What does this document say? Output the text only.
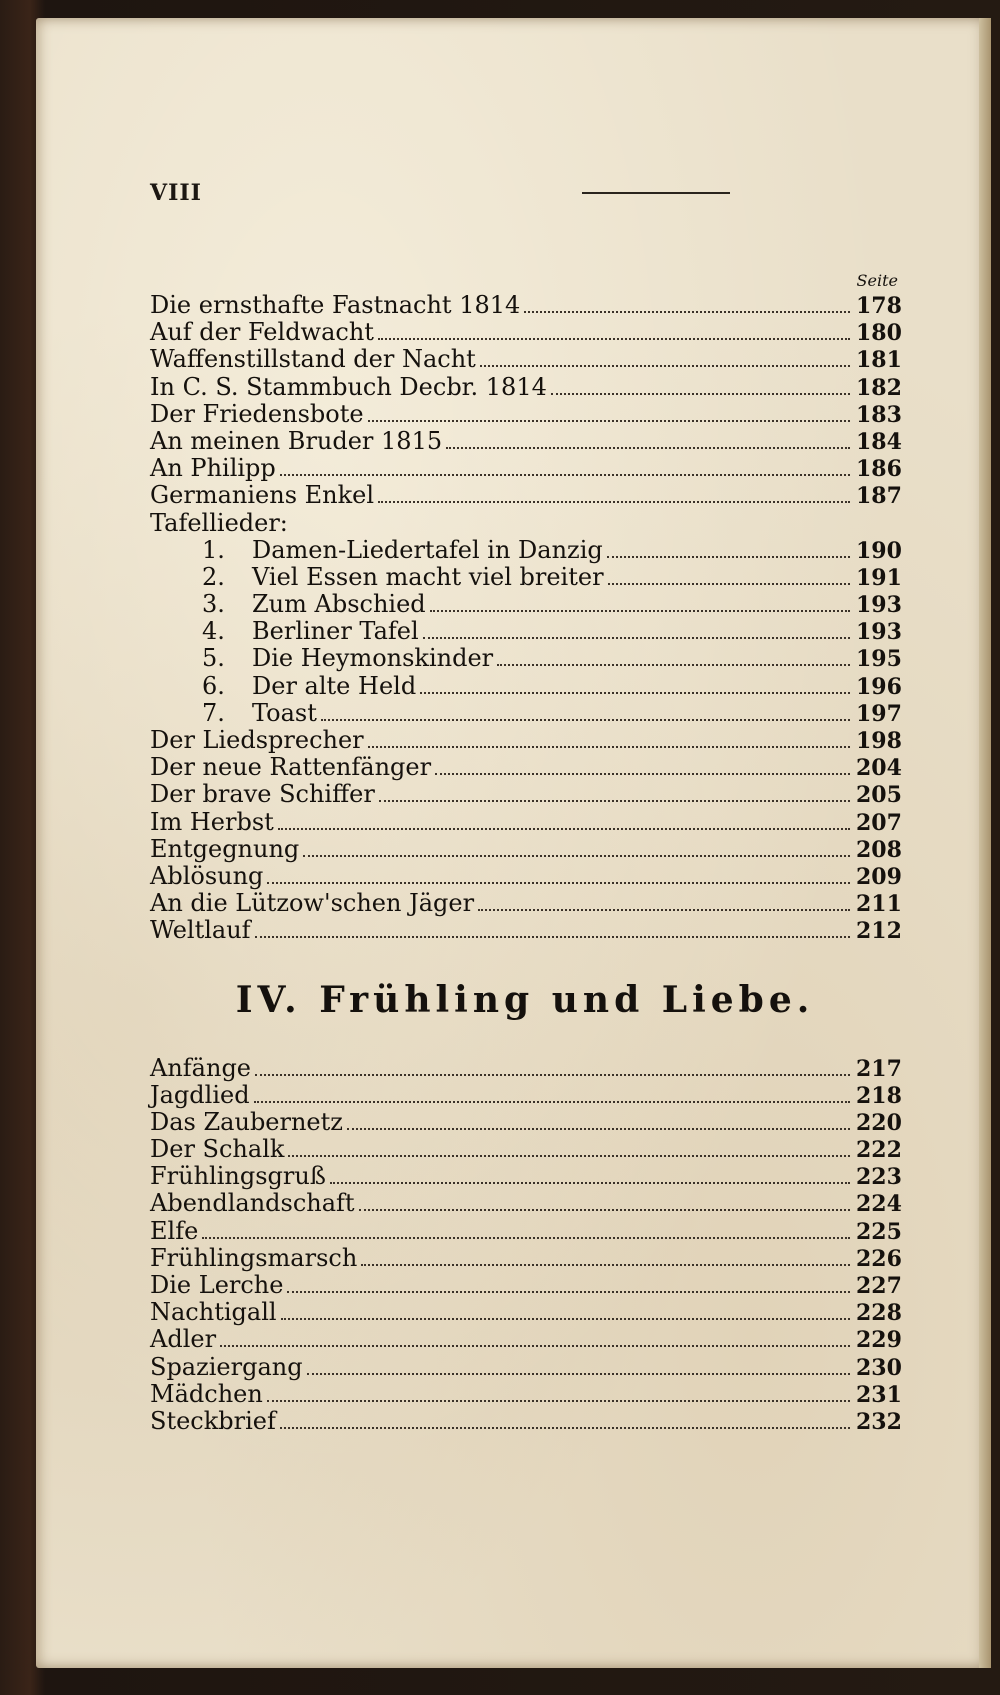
VIII
Seite
Die ernsthafte Fastnacht 1814	178
Auf der Feldwacht	180
Waffenstillstand der Nacht	181
In C. S. Stammbuch Decbr. 1814	182
Der Friedensbote	183
An meinen Bruder 1815	184
An Philipp	186
Germaniens Enkel	187
Tafellieder:
1.	Damen-Liedertafel in Danzig	190
2.	Viel Essen macht viel breiter	191
3.	Zum Abschied	193
4.	Berliner Tafel	193
5.	Die Heymonskinder	195
6.	Der alte Held	196
7.	Toast	197
Der Liedsprecher	198
Der neue Rattenfänger	204
Der brave Schiffer	205
Im Herbst	207
Entgegnung	208
Ablösung	209
An die Lützow'schen Jäger	211
Weltlauf	212
IV. Frühling und Liebe.
Anfänge	217
Jagdlied	218
Das Zaubernetz	220
Der Schalk	222
Frühlingsgruß	223
Abendlandschaft	224
Elfe	225
Frühlingsmarsch	226
Die Lerche	227
Nachtigall	228
Adler	229
Spaziergang	230
Mädchen	231
Steckbrief	232
